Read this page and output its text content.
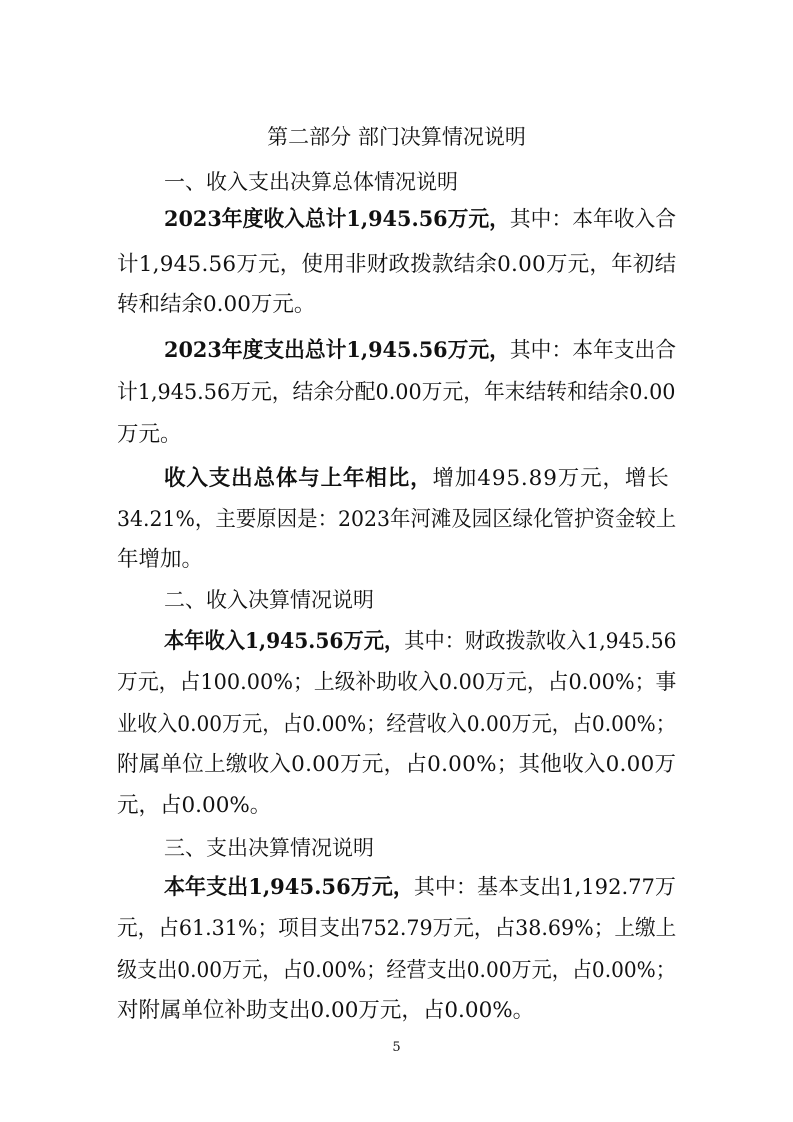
第二部分 部门决算情况说明
一、收入支出决算总体情况说明
2023年度收入总计1,945.56万元，其中：本年收入合
计1,945.56万元，使用非财政拨款结余0.00万元，年初结
转和结余0.00万元。
2023年度支出总计1,945.56万元，其中：本年支出合
计1,945.56万元，结余分配0.00万元，年末结转和结余0.00
万元。
收入支出总体与上年相比，增加495.89万元，增长
34.21%，主要原因是：2023年河滩及园区绿化管护资金较上
年增加。
二、收入决算情况说明
本年收入1,945.56万元，其中：财政拨款收入1,945.56
万元，占100.00%；上级补助收入0.00万元，占0.00%；事
业收入0.00万元，占0.00%；经营收入0.00万元，占0.00%；
附属单位上缴收入0.00万元，占0.00%；其他收入0.00万
元，占0.00%。
三、支出决算情况说明
本年支出1,945.56万元，其中：基本支出1,192.77万
元，占61.31%；项目支出752.79万元，占38.69%；上缴上
级支出0.00万元，占0.00%；经营支出0.00万元，占0.00%；
对附属单位补助支出0.00万元，占0.00%。
5
